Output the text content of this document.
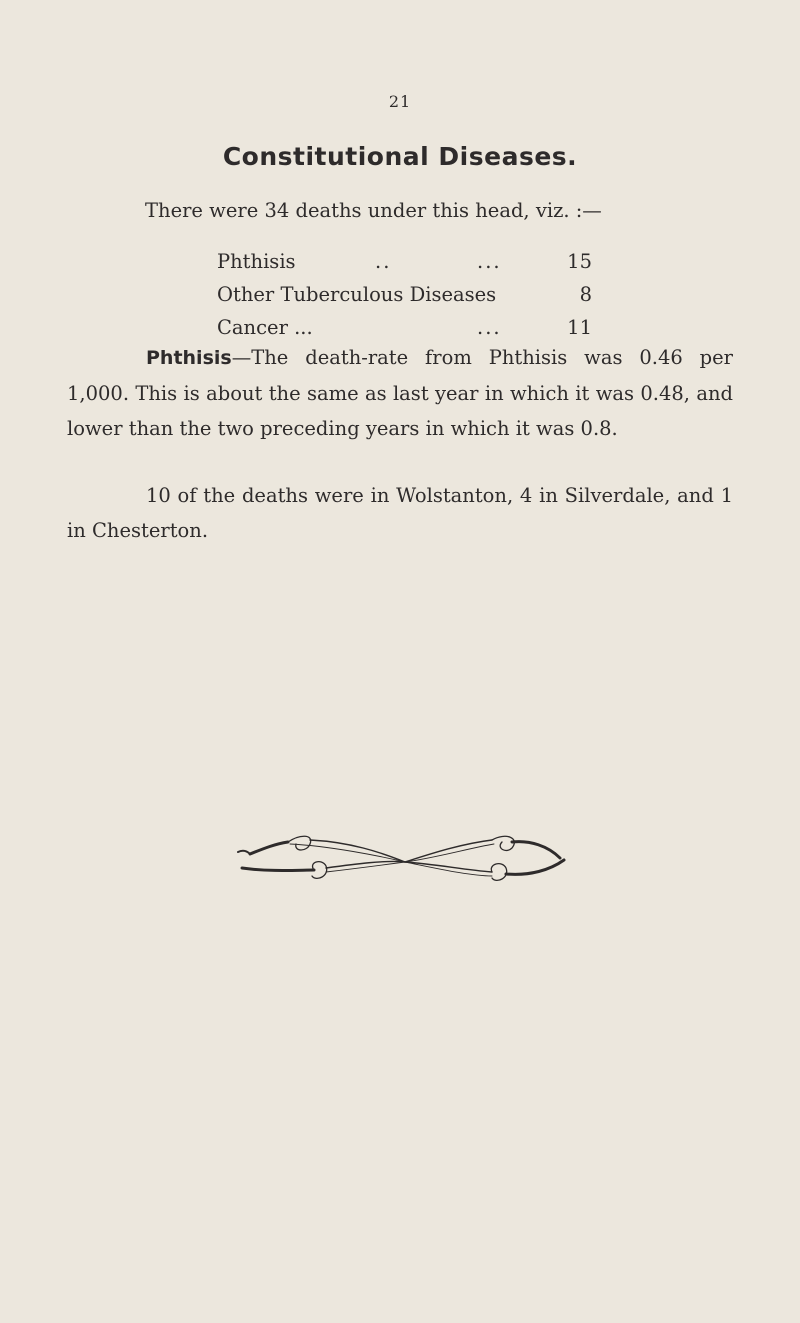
21
Constitutional Diseases.
There were 34 deaths under this head, viz. :—
Phthisis	..	...	15
Other Tuberculous Diseases	8
Cancer ...	...	11
Phthisis—The death-rate from Phthisis was 0.46 per 1,000. This is about the same as last year in which it was 0.48, and lower than the two preceding years in which it was 0.8.
10 of the deaths were in Wolstanton, 4 in Silverdale, and 1 in Chesterton.
